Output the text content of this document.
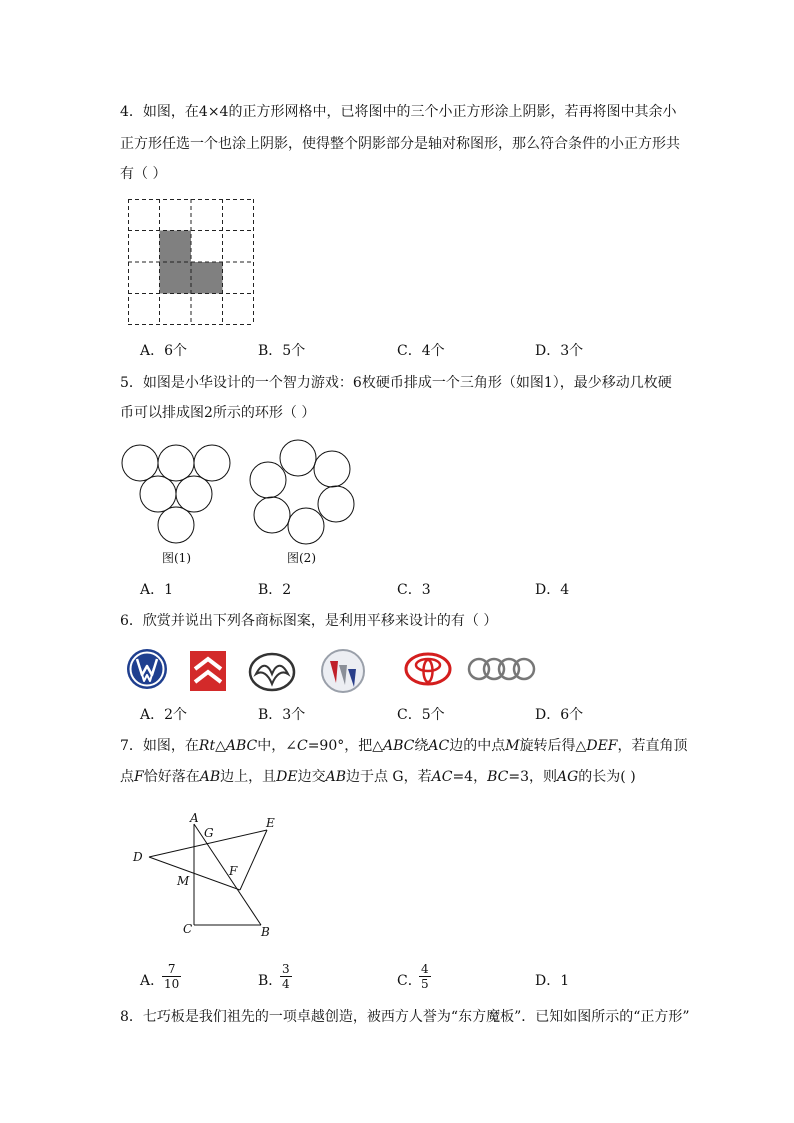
4．如图，在4×4的正方形网格中，已将图中的三个小正方形涂上阴影，若再将图中其余小
正方形任选一个也涂上阴影，使得整个阴影部分是轴对称图形，那么符合条件的小正方形共
有（ ）
A．6个	B．5个	C．4个	D．3个
5．如图是小华设计的一个智力游戏：6枚硬币排成一个三角形（如图1），最少移动几枚硬
币可以排成图2所示的环形（ ）
图(1)	图(2)
A．1	B．2	C．3	D．4
6．欣赏并说出下列各商标图案，是利用平移来设计的有（ ）
A．2个	B．3个	C．5个	D．6个
7．如图，在Rt△ABC中，∠C=90°，把△ABC绕AC边的中点M旋转后得△DEF，若直角顶
点F恰好落在AB边上，且DE边交AB边于点 G，若AC=4，BC=3，则AG的长为( )
A
G
E
D
M
F
C	B
A．
$\frac{7}{10}$	B．
$\frac{3}{4}$	C．
$\frac{4}{5}$	D．1
8．七巧板是我们祖先的一项卓越创造，被西方人誉为“东方魔板”．已知如图所示的“正方形”
